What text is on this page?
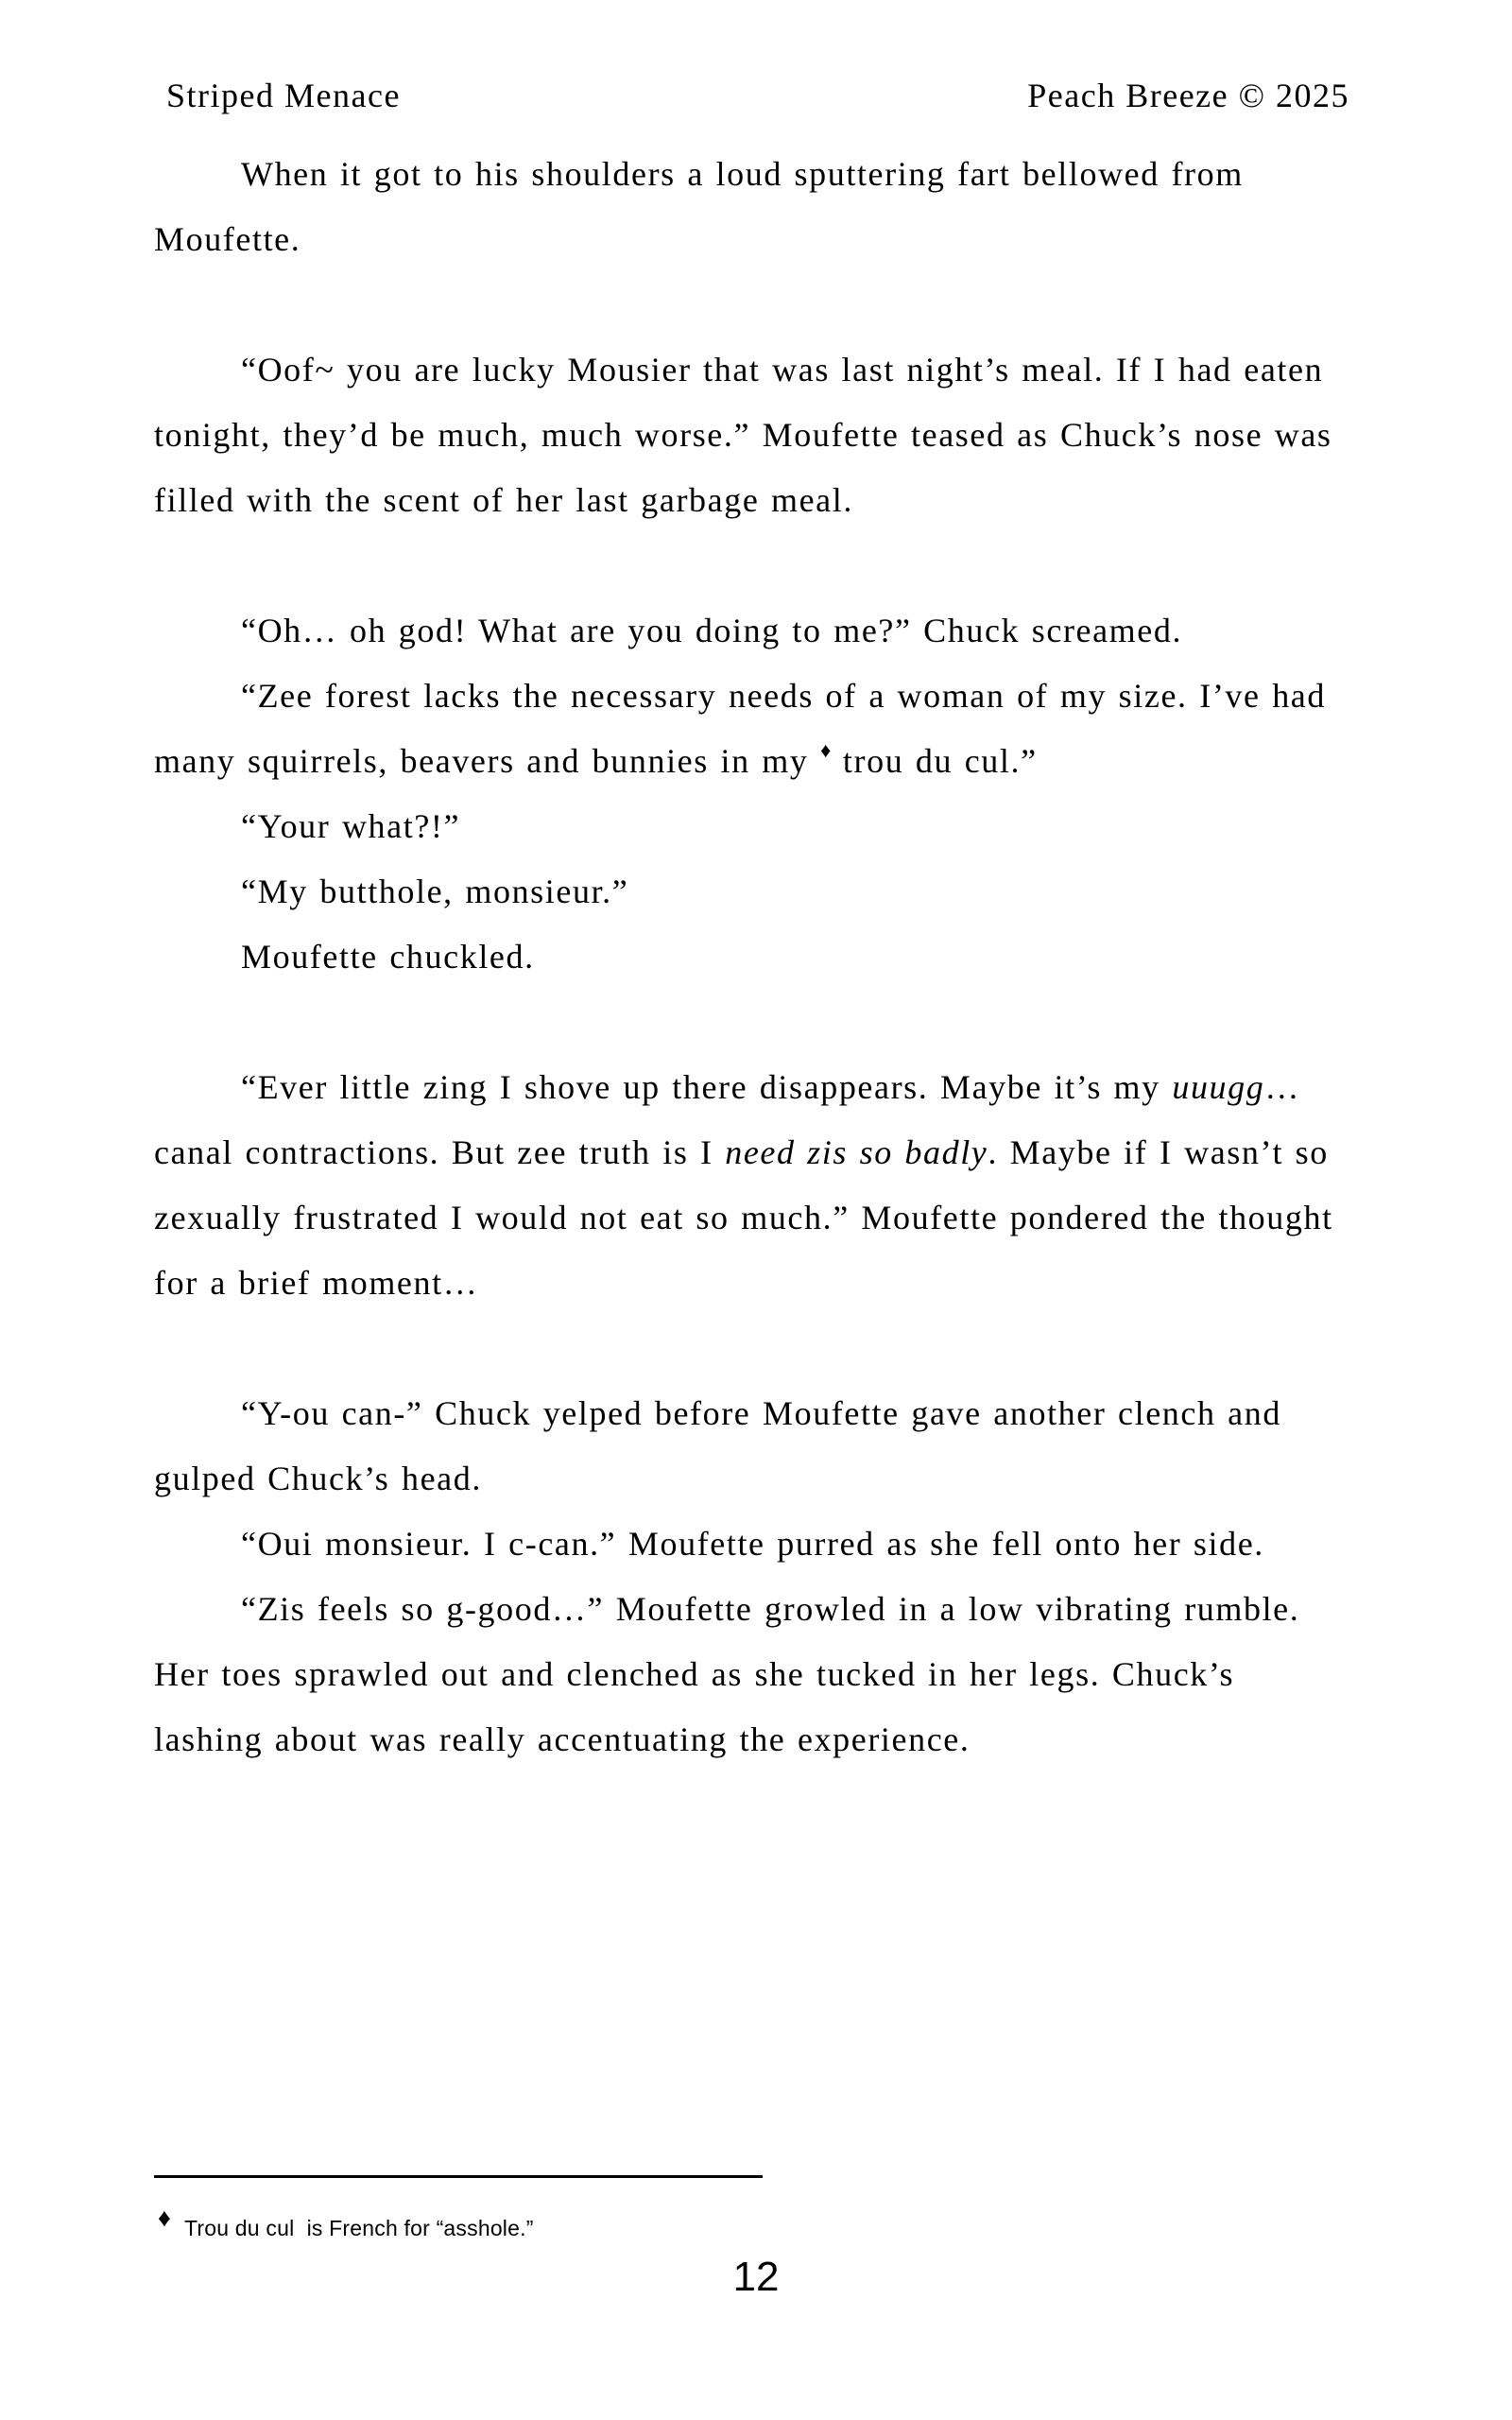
Striped Menace	Peach Breeze © 2025

When it got to his shoulders a loud sputtering fart bellowed from Moufette.

“Oof~ you are lucky Mousier that was last night’s meal. If I had eaten tonight, they’d be much, much worse.” Moufette teased as Chuck’s nose was filled with the scent of her last garbage meal.

“Oh… oh god! What are you doing to me?” Chuck screamed.

“Zee forest lacks the necessary needs of a woman of my size. I’ve had many squirrels, beavers and bunnies in my ♦ trou du cul.”

“Your what?!”

“My butthole, monsieur.”

Moufette chuckled.

“Ever little zing I shove up there disappears. Maybe it’s my uuugg… canal contractions. But zee truth is I need zis so badly. Maybe if I wasn’t so zexually frustrated I would not eat so much.” Moufette pondered the thought for a brief moment…

“Y-ou can-” Chuck yelped before Moufette gave another clench and gulped Chuck’s head.

“Oui monsieur. I c-can.” Moufette purred as she fell onto her side.

“Zis feels so g-good…” Moufette growled in a low vibrating rumble. Her toes sprawled out and clenched as she tucked in her legs. Chuck’s lashing about was really accentuating the experience.

♦ Trou du cul  is French for “asshole.”
12
